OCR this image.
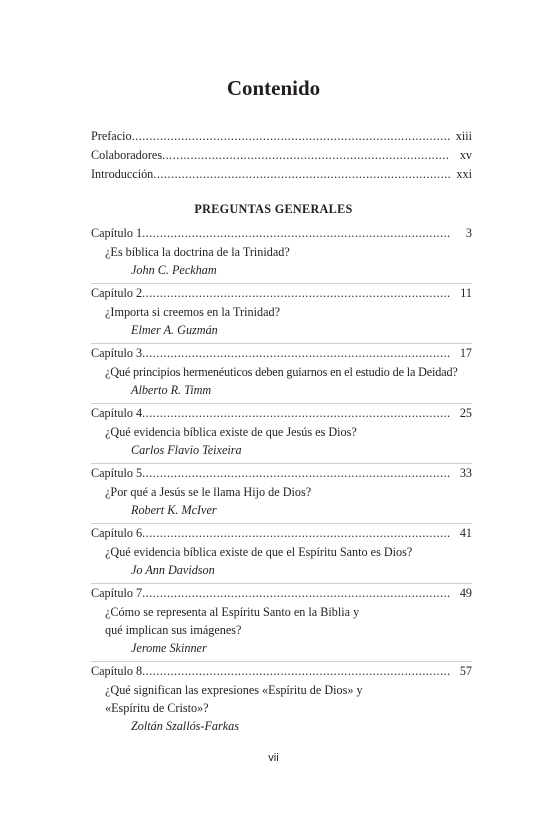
Contenido
Prefacio .....	xiii
Colaboradores .....	xv
Introducción .....	xxi
PREGUNTAS GENERALES
Capítulo 1 .....	3
¿Es bíblica la doctrina de la Trinidad?
John C. Peckham
Capítulo 2 .....	11
¿Importa si creemos en la Trinidad?
Elmer A. Guzmán
Capítulo 3 .....	17
¿Qué principios hermenéuticos deben guiarnos en el estudio de la Deidad?
Alberto R. Timm
Capítulo 4 .....	25
¿Qué evidencia bíblica existe de que Jesús es Dios?
Carlos Flavio Teixeira
Capítulo 5 .....	33
¿Por qué a Jesús se le llama Hijo de Dios?
Robert K. McIver
Capítulo 6 .....	41
¿Qué evidencia bíblica existe de que el Espíritu Santo es Dios?
Jo Ann Davidson
Capítulo 7 .....	49
¿Cómo se representa al Espíritu Santo en la Biblia y
qué implican sus imágenes?
Jerome Skinner
Capítulo 8 .....	57
¿Qué significan las expresiones «Espíritu de Dios» y
«Espíritu de Cristo»?
Zoltán Szallós-Farkas
vii
